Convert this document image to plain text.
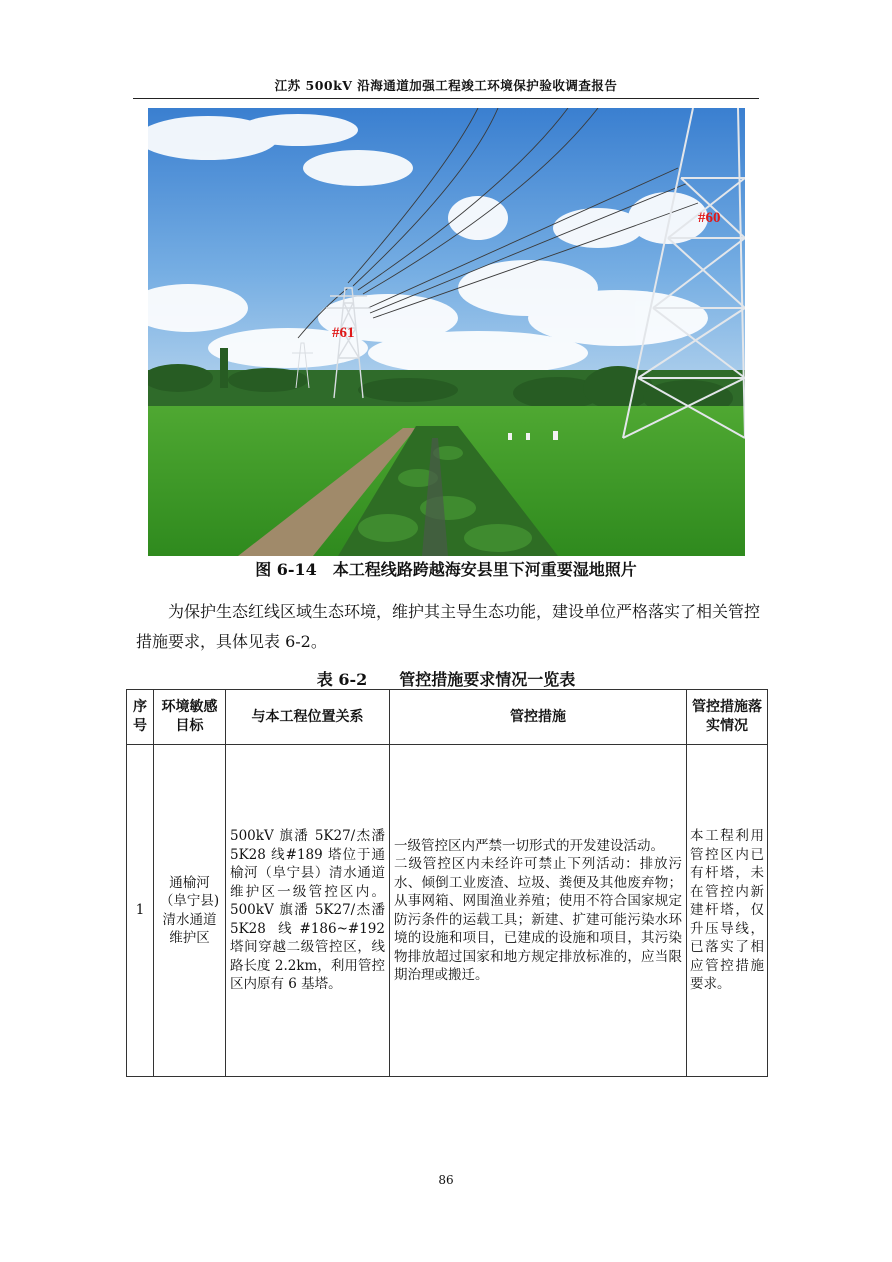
江苏 500kV 沿海通道加强工程竣工环境保护验收调查报告
#60
#61
图 6-14　本工程线路跨越海安县里下河重要湿地照片
为保护生态红线区域生态环境，维护其主导生态功能，建设单位严格落实了相关管控措施要求，具体见表 6-2。
表 6-2　　管控措施要求情况一览表
序号	环境敏感目标	与本工程位置关系	管控措施	管控措施落实情况
1	通榆河（阜宁县)清水通道维护区	500kV 旗潘 5K27/杰潘 5K28 线#189 塔位于通榆河（阜宁县）清水通道维护区一级管控区内。500kV 旗潘 5K27/杰潘 5K28 线#186~#192 塔间穿越二级管控区，线路长度 2.2km，利用管控区内原有 6 基塔。	一级管控区内严禁一切形式的开发建设活动。
二级管控区内未经许可禁止下列活动：排放污水、倾倒工业废渣、垃圾、粪便及其他废弃物；从事网箱、网围渔业养殖；使用不符合国家规定防污条件的运载工具；新建、扩建可能污染水环境的设施和项目，已建成的设施和项目，其污染物排放超过国家和地方规定排放标准的，应当限期治理或搬迁。	本工程利用管控区内已有杆塔，未在管控内新建杆塔，仅升压导线，已落实了相应管控措施要求。
86
